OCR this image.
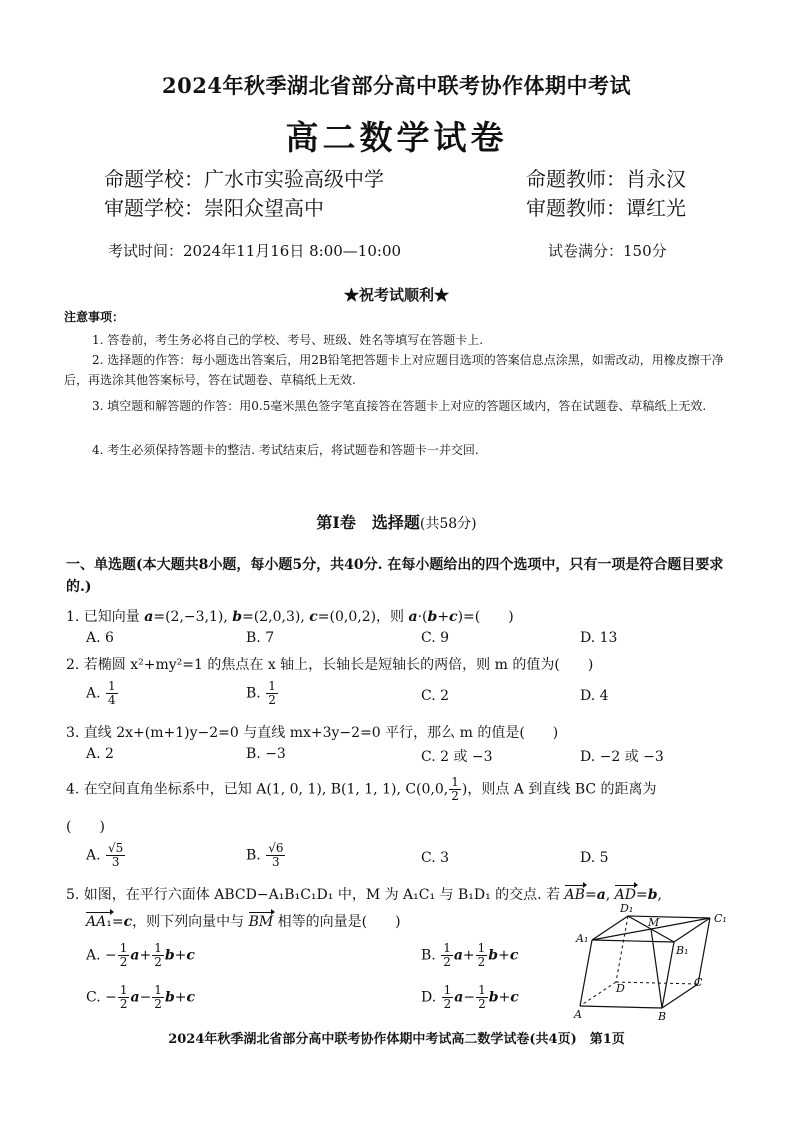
2024年秋季湖北省部分高中联考协作体期中考试
高二数学试卷
命题学校：广水市实验高级中学	命题教师：肖永汉
审题学校：崇阳众望高中	审题教师：谭红光
考试时间：2024年11月16日 8:00—10:00	试卷满分：150分
★祝考试顺利★
注意事项：
1. 答卷前，考生务必将自己的学校、考号、班级、姓名等填写在答题卡上.
2. 选择题的作答：每小题选出答案后，用2B铅笔把答题卡上对应题目选项的答案信息点涂黑，如需改动，用橡皮擦干净后，再选涂其他答案标号，答在试题卷、草稿纸上无效.
3. 填空题和解答题的作答：用0.5毫米黑色签字笔直接答在答题卡上对应的答题区域内，答在试题卷、草稿纸上无效.
4. 考生必须保持答题卡的整洁. 考试结束后，将试题卷和答题卡一并交回.
第Ⅰ卷　选择题(共58分)
一、单选题(本大题共8小题，每小题5分，共40分. 在每小题给出的四个选项中，只有一项是符合题目要求的.)
1. 已知向量 a=(2,−3,1), b=(2,0,3), c=(0,0,2)，则 a·(b+c)=(　　)
A. 6	B. 7	C. 9	D. 13
2. 若椭圆 x²+my²=1 的焦点在 x 轴上，长轴长是短轴长的两倍，则 m 的值为(　　)
A. $\frac{1}{4}$	B. $\frac{1}{2}$	C. 2	D. 4
3. 直线 2x+(m+1)y−2=0 与直线 mx+3y−2=0 平行，那么 m 的值是(　　)
A. 2	B. −3	C. 2 或 −3	D. −2 或 −3
4. 在空间直角坐标系中，已知 A(1, 0, 1), B(1, 1, 1), C(0,0, $\frac{1}{2}$ )，则点 A 到直线 BC 的距离为
(　　)
A. $\frac{√5}{3}$	B. $\frac{√6}{3}$	C. 3	D. 5
5. 如图，在平行六面体 ABCD−A₁B₁C₁D₁ 中，M 为 A₁C₁ 与 B₁D₁ 的交点. 若 AB=a, AD=b,
AA₁=c，则下列向量中与 BM 相等的向量是(　　)
A. − $\frac{1}{2} a+ \frac{1}{2} b+c$	B. $\frac{1}{2} a+ \frac{1}{2} b+c$
C. − $\frac{1}{2} a- \frac{1}{2} b+c$	D. $\frac{1}{2} a- \frac{1}{2} b+c$
D₁
M	C₁
A₁
B₁
D	C
A	B
2024年秋季湖北省部分高中联考协作体期中考试高二数学试卷(共4页)　第1页
